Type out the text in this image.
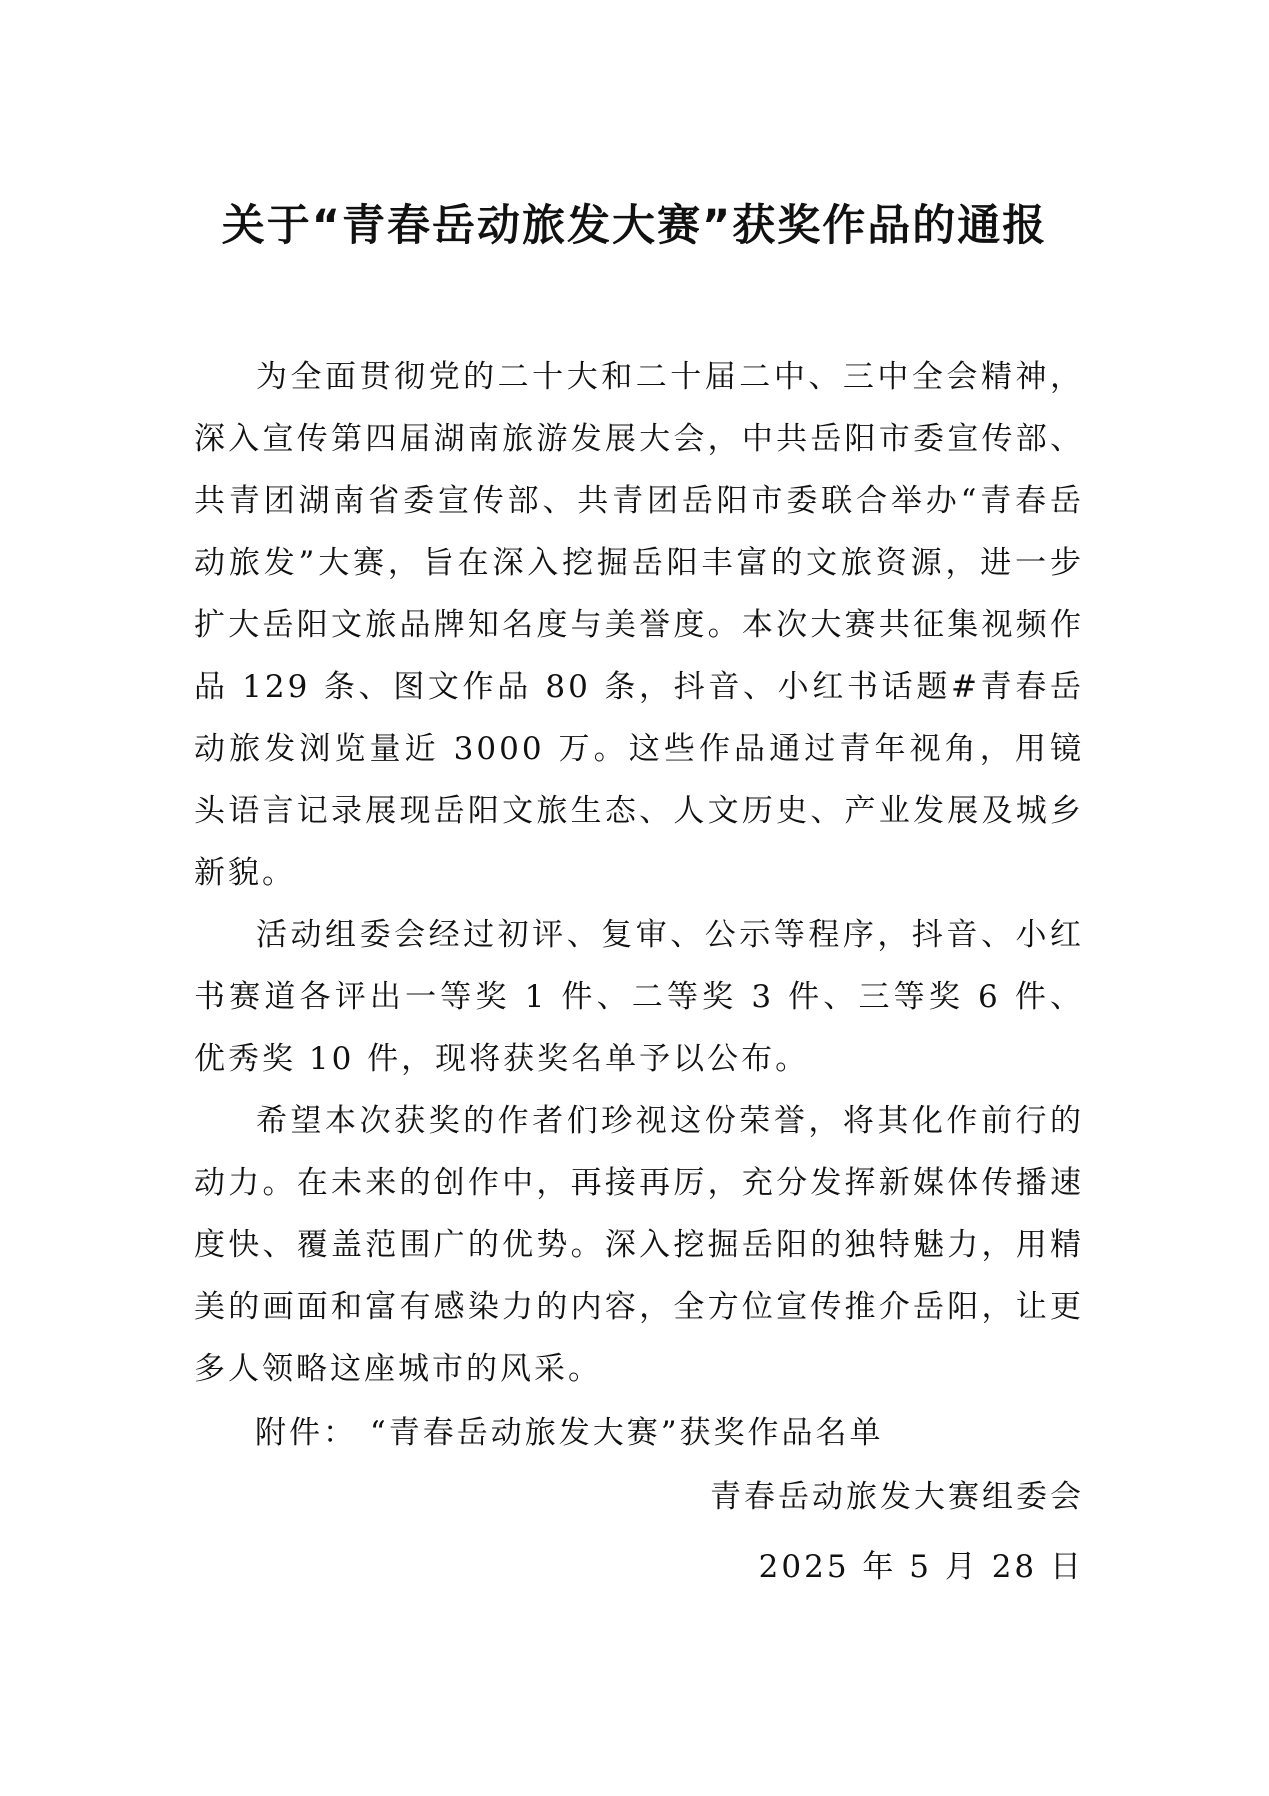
关于“青春岳动旅发大赛”获奖作品的通报

为全面贯彻党的二十大和二十届二中、三中全会精神，深入宣传第四届湖南旅游发展大会，中共岳阳市委宣传部、共青团湖南省委宣传部、共青团岳阳市委联合举办“青春岳动旅发”大赛，旨在深入挖掘岳阳丰富的文旅资源，进一步扩大岳阳文旅品牌知名度与美誉度。本次大赛共征集视频作品 129 条、图文作品 80 条，抖音、小红书话题#青春岳动旅发浏览量近 3000 万。这些作品通过青年视角，用镜头语言记录展现岳阳文旅生态、人文历史、产业发展及城乡新貌。

活动组委会经过初评、复审、公示等程序，抖音、小红书赛道各评出一等奖 1 件、二等奖 3 件、三等奖 6 件、优秀奖 10 件，现将获奖名单予以公布。

希望本次获奖的作者们珍视这份荣誉，将其化作前行的动力。在未来的创作中，再接再厉，充分发挥新媒体传播速度快、覆盖范围广的优势。深入挖掘岳阳的独特魅力，用精美的画面和富有感染力的内容，全方位宣传推介岳阳，让更多人领略这座城市的风采。

附件： “青春岳动旅发大赛”获奖作品名单
青春岳动旅发大赛组委会
2025 年 5 月 28 日
